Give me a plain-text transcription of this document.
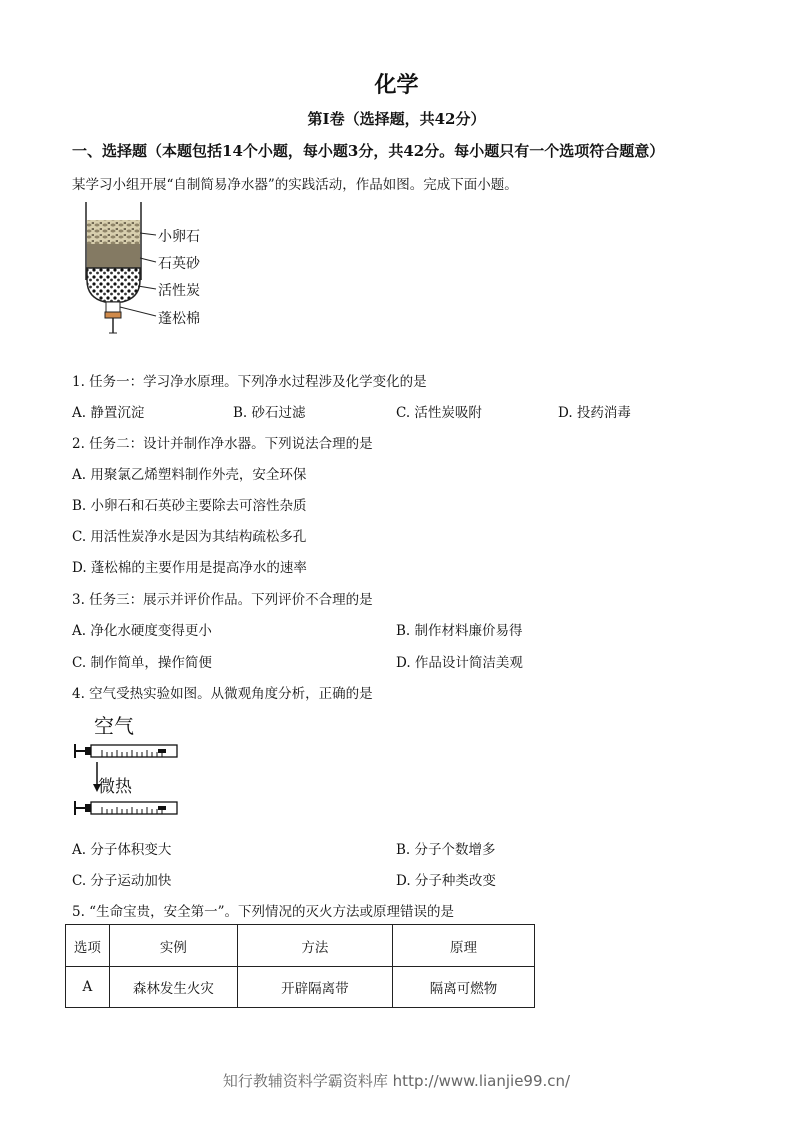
化学
第Ⅰ卷（选择题，共42分）
一、选择题（本题包括14个小题，每小题3分，共42分。每小题只有一个选项符合题意）
某学习小组开展“自制简易净水器”的实践活动，作品如图。完成下面小题。
小卵石
石英砂
活性炭
蓬松棉
1. 任务一：学习净水原理。下列净水过程涉及化学变化的是
A. 静置沉淀	B. 砂石过滤	C. 活性炭吸附	D. 投药消毒
2. 任务二：设计并制作净水器。下列说法合理的是
A. 用聚氯乙烯塑料制作外壳，安全环保
B. 小卵石和石英砂主要除去可溶性杂质
C. 用活性炭净水是因为其结构疏松多孔
D. 蓬松棉的主要作用是提高净水的速率
3. 任务三：展示并评价作品。下列评价不合理的是
A. 净化水硬度变得更小	B. 制作材料廉价易得
C. 制作简单，操作简便	D. 作品设计简洁美观
4. 空气受热实验如图。从微观角度分析，正确的是
空气
微热
A. 分子体积变大	B. 分子个数增多
C. 分子运动加快	D. 分子种类改变
5. “生命宝贵，安全第一”。下列情况的灭火方法或原理错误的是
选项	实例	方法	原理
A	森林发生火灾	开辟隔离带	隔离可燃物
知行教辅资料学霸资料库 http://www.lianjie99.cn/
